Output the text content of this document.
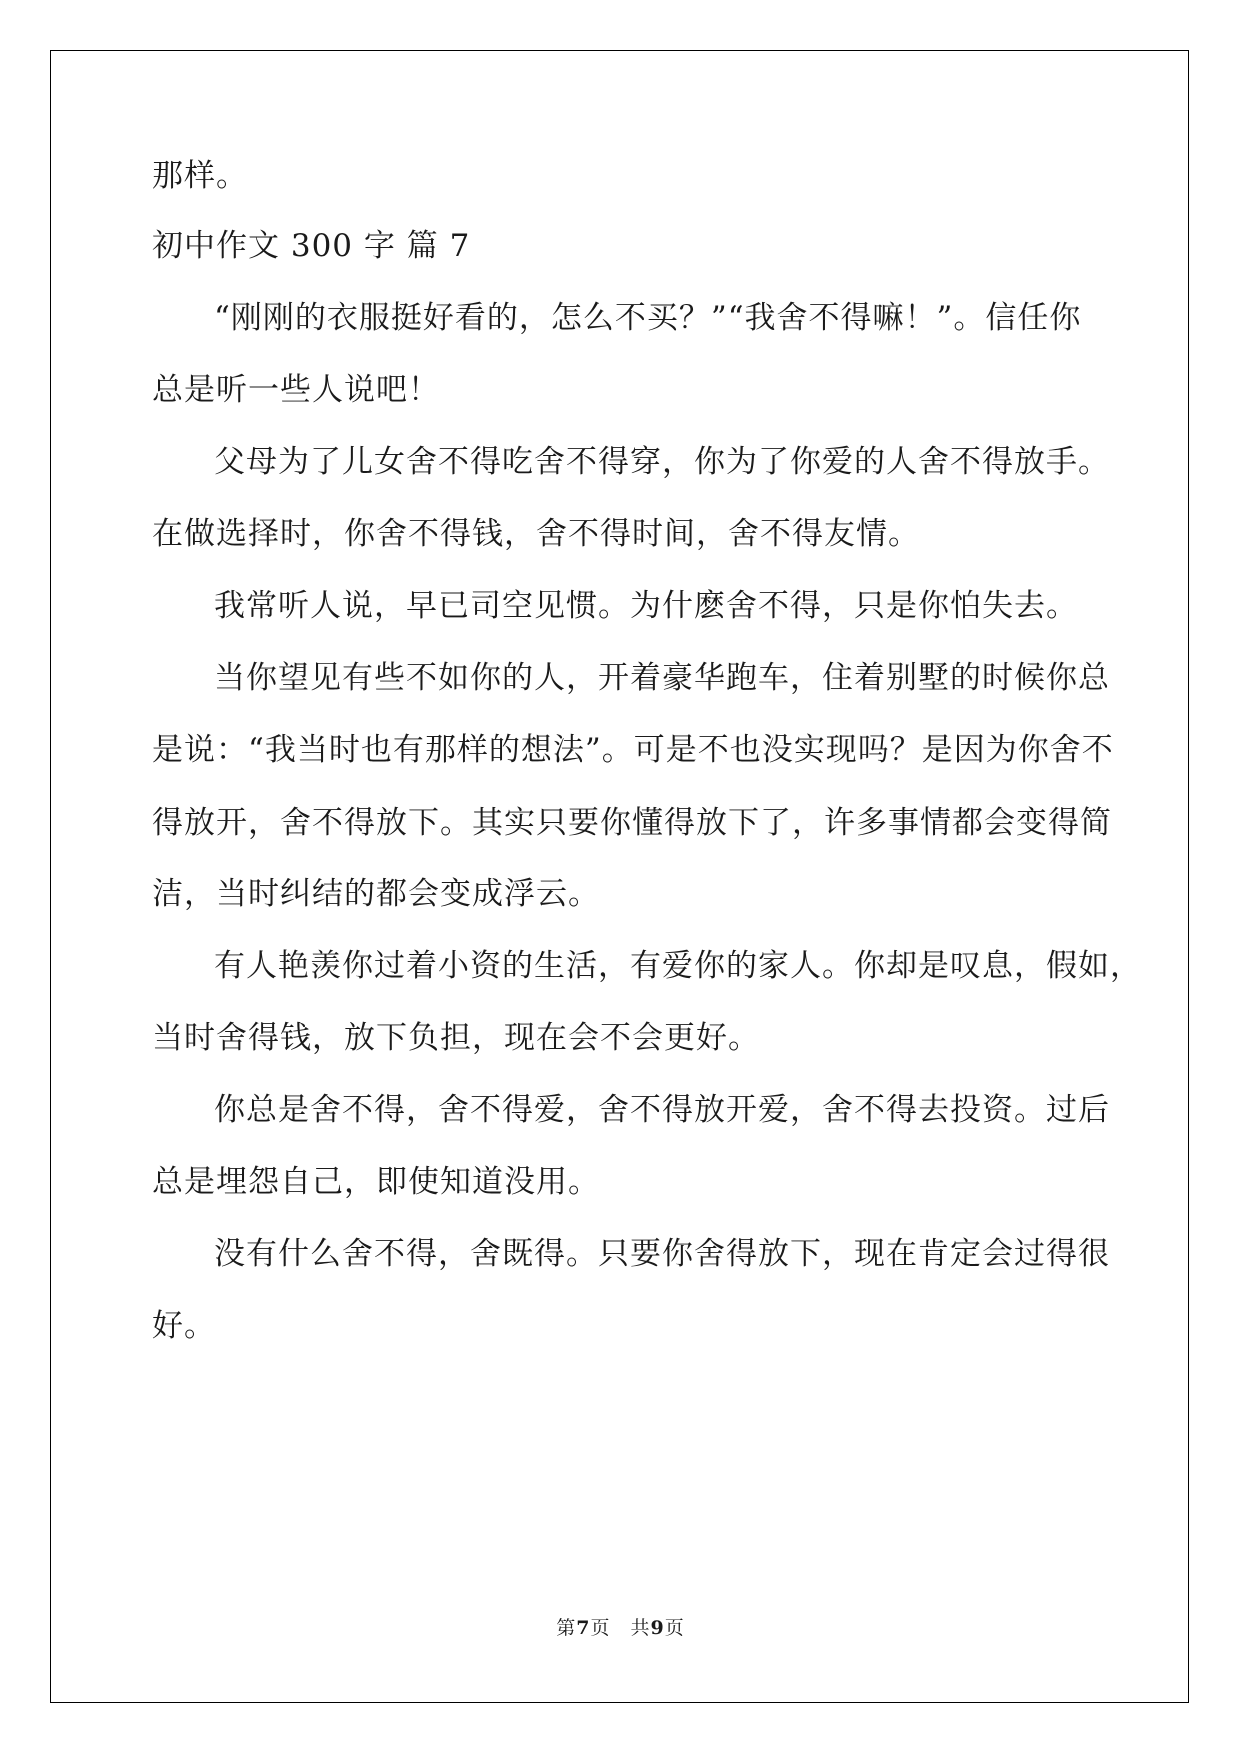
那样。
初中作文 300 字 篇 7
“刚刚的衣服挺好看的，怎么不买？”“我舍不得嘛！”。信任你
总是听一些人说吧！
父母为了儿女舍不得吃舍不得穿，你为了你爱的人舍不得放手。
在做选择时，你舍不得钱，舍不得时间，舍不得友情。
我常听人说，早已司空见惯。为什麽舍不得，只是你怕失去。
当你望见有些不如你的人，开着豪华跑车，住着别墅的时候你总
是说：“我当时也有那样的想法”。可是不也没实现吗？是因为你舍不
得放开，舍不得放下。其实只要你懂得放下了，许多事情都会变得简
洁，当时纠结的都会变成浮云。
有人艳羡你过着小资的生活，有爱你的家人。你却是叹息，假如，
当时舍得钱，放下负担，现在会不会更好。
你总是舍不得，舍不得爱，舍不得放开爱，舍不得去投资。过后
总是埋怨自己，即使知道没用。
没有什么舍不得，舍既得。只要你舍得放下，现在肯定会过得很
好。
第7页　共9页
